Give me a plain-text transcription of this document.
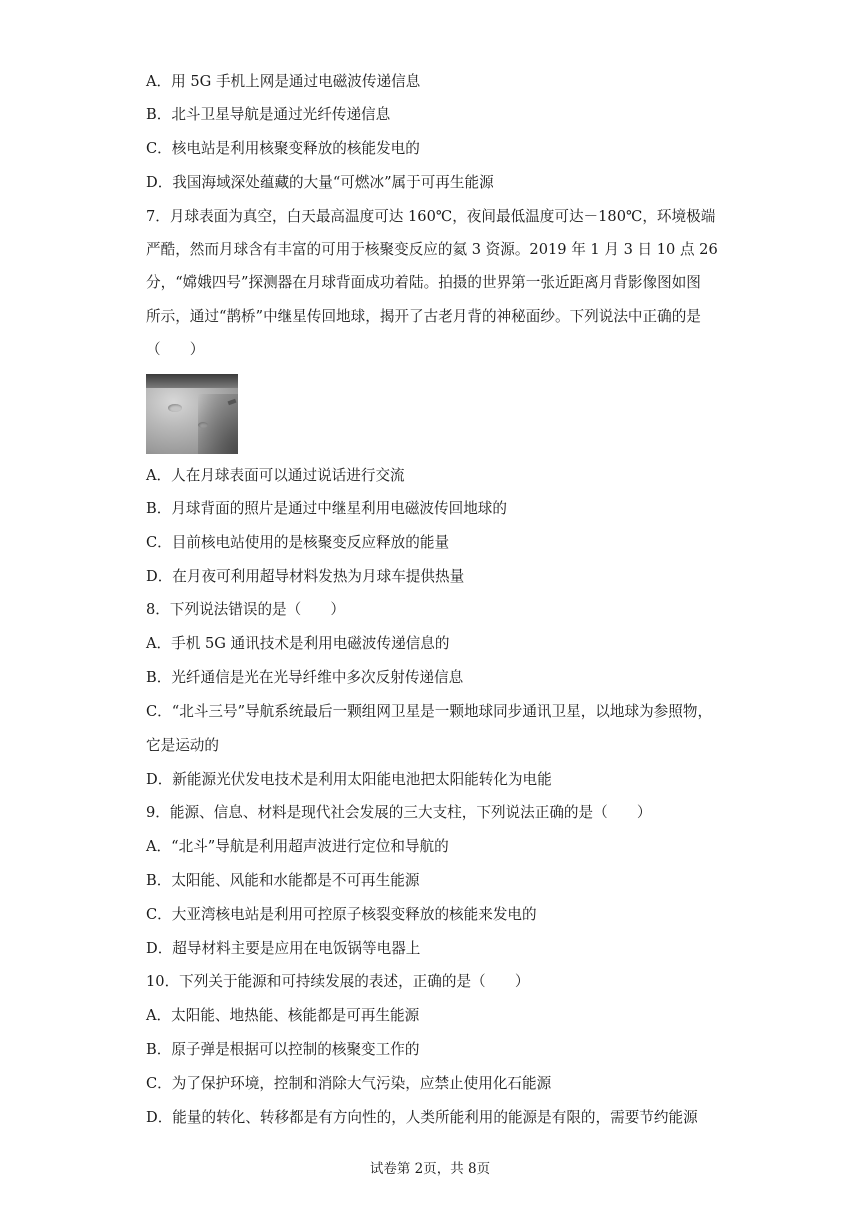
A．用 5G 手机上网是通过电磁波传递信息
B．北斗卫星导航是通过光纤传递信息
C．核电站是利用核聚变释放的核能发电的
D．我国海域深处蕴藏的大量“可燃冰”属于可再生能源
7．月球表面为真空，白天最高温度可达 160℃，夜间最低温度可达－180℃，环境极端
严酷，然而月球含有丰富的可用于核聚变反应的氦 3 资源。2019 年 1 月 3 日 10 点 26
分，“嫦娥四号”探测器在月球背面成功着陆。拍摄的世界第一张近距离月背影像图如图
所示，通过“鹊桥”中继星传回地球，揭开了古老月背的神秘面纱。下列说法中正确的是
（　　）
A．人在月球表面可以通过说话进行交流
B．月球背面的照片是通过中继星利用电磁波传回地球的
C．目前核电站使用的是核聚变反应释放的能量
D．在月夜可利用超导材料发热为月球车提供热量
8．下列说法错误的是（　　）
A．手机 5G 通讯技术是利用电磁波传递信息的
B．光纤通信是光在光导纤维中多次反射传递信息
C．“北斗三号”导航系统最后一颗组网卫星是一颗地球同步通讯卫星，以地球为参照物，
它是运动的
D．新能源光伏发电技术是利用太阳能电池把太阳能转化为电能
9．能源、信息、材料是现代社会发展的三大支柱，下列说法正确的是（　　）
A．“北斗”导航是利用超声波进行定位和导航的
B．太阳能、风能和水能都是不可再生能源
C．大亚湾核电站是利用可控原子核裂变释放的核能来发电的
D．超导材料主要是应用在电饭锅等电器上
10．下列关于能源和可持续发展的表述，正确的是（　　）
A．太阳能、地热能、核能都是可再生能源
B．原子弹是根据可以控制的核聚变工作的
C．为了保护环境，控制和消除大气污染，应禁止使用化石能源
D．能量的转化、转移都是有方向性的，人类所能利用的能源是有限的，需要节约能源
试卷第 2页，共 8页
